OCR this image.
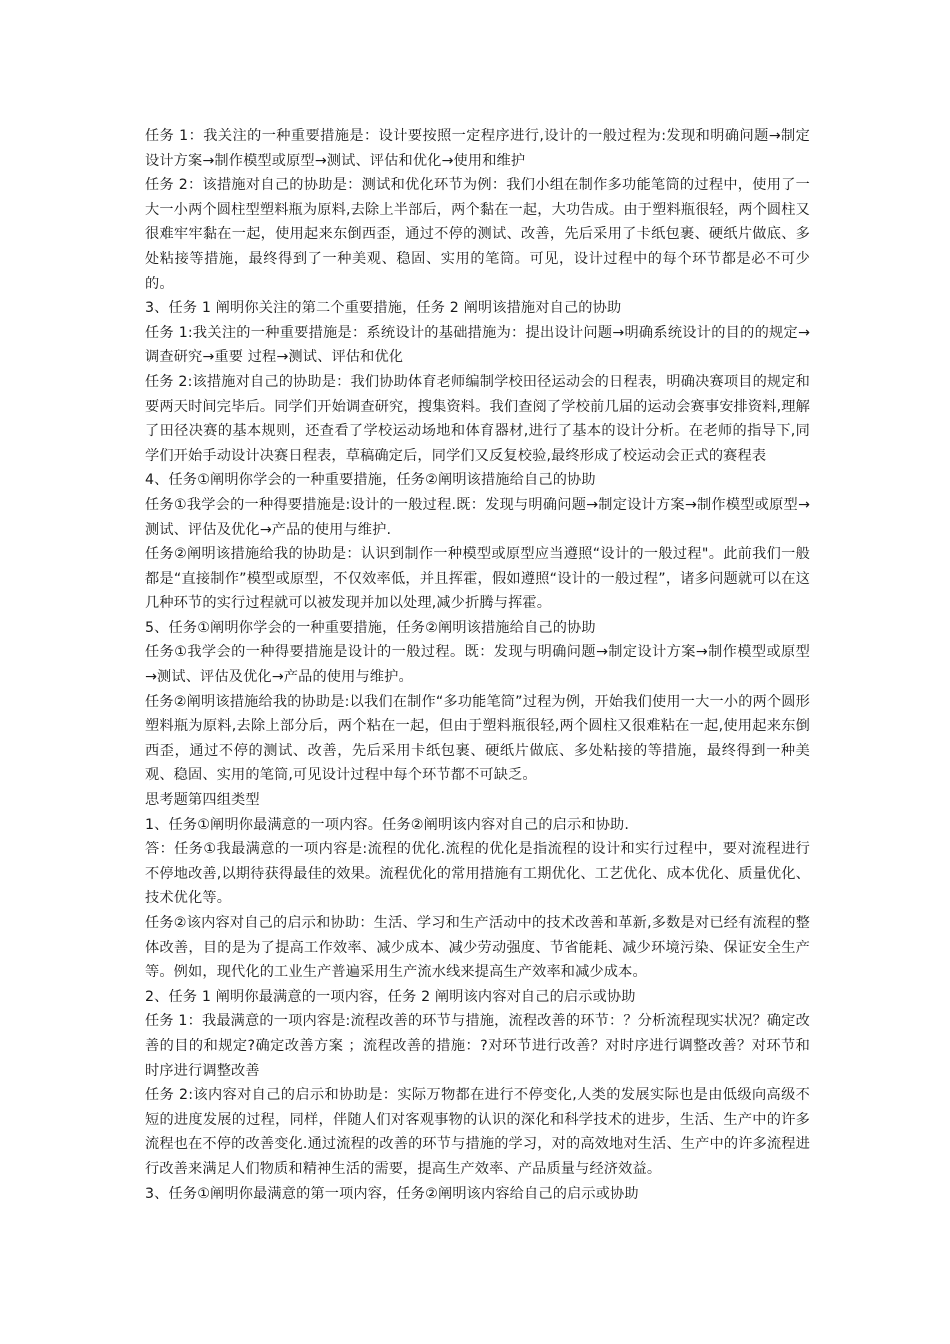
任务 1：我关注的一种重要措施是：设计要按照一定程序进行,设计的一般过程为:发现和明确问题→制定设计方案→制作模型或原型→测试、评估和优化→使用和维护

任务 2：该措施对自己的协助是：测试和优化环节为例：我们小组在制作多功能笔筒的过程中，使用了一大一小两个圆柱型塑料瓶为原料,去除上半部后，两个黏在一起，大功告成。由于塑料瓶很轻，两个圆柱又很难牢牢黏在一起，使用起来东倒西歪，通过不停的测试、改善，先后采用了卡纸包裹、硬纸片做底、多处粘接等措施，最终得到了一种美观、稳固、实用的笔筒。可见，设计过程中的每个环节都是必不可少的。

3、任务 1 阐明你关注的第二个重要措施，任务 2 阐明该措施对自己的协助

任务 1:我关注的一种重要措施是：系统设计的基础措施为：提出设计问题→明确系统设计的目的的规定→调查研究→重要 过程→测试、评估和优化

任务 2:该措施对自己的协助是：我们协助体育老师编制学校田径运动会的日程表，明确决赛项目的规定和要两天时间完毕后。同学们开始调查研究，搜集资料。我们查阅了学校前几届的运动会赛事安排资料,理解了田径决赛的基本规则，还查看了学校运动场地和体育器材,进行了基本的设计分析。在老师的指导下,同学们开始手动设计决赛日程表，草稿确定后，同学们又反复校验,最终形成了校运动会正式的赛程表

4、任务①阐明你学会的一种重要措施，任务②阐明该措施给自己的协助

任务①我学会的一种得要措施是:设计的一般过程.既：发现与明确问题→制定设计方案→制作模型或原型→测试、评估及优化→产品的使用与维护.

任务②阐明该措施给我的协助是：认识到制作一种模型或原型应当遵照“设计的一般过程"。此前我们一般都是“直接制作”模型或原型，不仅效率低，并且挥霍，假如遵照“设计的一般过程”，诸多问题就可以在这几种环节的实行过程就可以被发现并加以处理,减少折腾与挥霍。

5、任务①阐明你学会的一种重要措施，任务②阐明该措施给自己的协助

任务①我学会的一种得要措施是设计的一般过程。既：发现与明确问题→制定设计方案→制作模型或原型→测试、评估及优化→产品的使用与维护。

任务②阐明该措施给我的协助是:以我们在制作“多功能笔筒”过程为例，开始我们使用一大一小的两个圆形塑料瓶为原料,去除上部分后，两个粘在一起，但由于塑料瓶很轻,两个圆柱又很难粘在一起,使用起来东倒西歪，通过不停的测试、改善，先后采用卡纸包裹、硬纸片做底、多处粘接的等措施，最终得到一种美观、稳固、实用的笔筒,可见设计过程中每个环节都不可缺乏。

思考题第四组类型

1、任务①阐明你最满意的一项内容。任务②阐明该内容对自己的启示和协助.

答：任务①我最满意的一项内容是:流程的优化.流程的优化是指流程的设计和实行过程中，要对流程进行不停地改善,以期待获得最佳的效果。流程优化的常用措施有工期优化、工艺优化、成本优化、质量优化、技术优化等。

任务②该内容对自己的启示和协助：生活、学习和生产活动中的技术改善和革新,多数是对已经有流程的整体改善，目的是为了提高工作效率、减少成本、减少劳动强度、节省能耗、减少环境污染、保证安全生产等。例如，现代化的工业生产普遍采用生产流水线来提高生产效率和减少成本。

2、任务 1 阐明你最满意的一项内容，任务 2 阐明该内容对自己的启示或协助

任务 1：我最满意的一项内容是:流程改善的环节与措施，流程改善的环节：？分析流程现实状况？确定改善的目的和规定?确定改善方案 ；流程改善的措施：?对环节进行改善？对时序进行调整改善？对环节和时序进行调整改善

任务 2:该内容对自己的启示和协助是：实际万物都在进行不停变化,人类的发展实际也是由低级向高级不短的进度发展的过程，同样，伴随人们对客观事物的认识的深化和科学技术的进步，生活、生产中的许多流程也在不停的改善变化.通过流程的改善的环节与措施的学习，对的高效地对生活、生产中的许多流程进行改善来满足人们物质和精神生活的需要，提高生产效率、产品质量与经济效益。

3、任务①阐明你最满意的第一项内容，任务②阐明该内容给自己的启示或协助
